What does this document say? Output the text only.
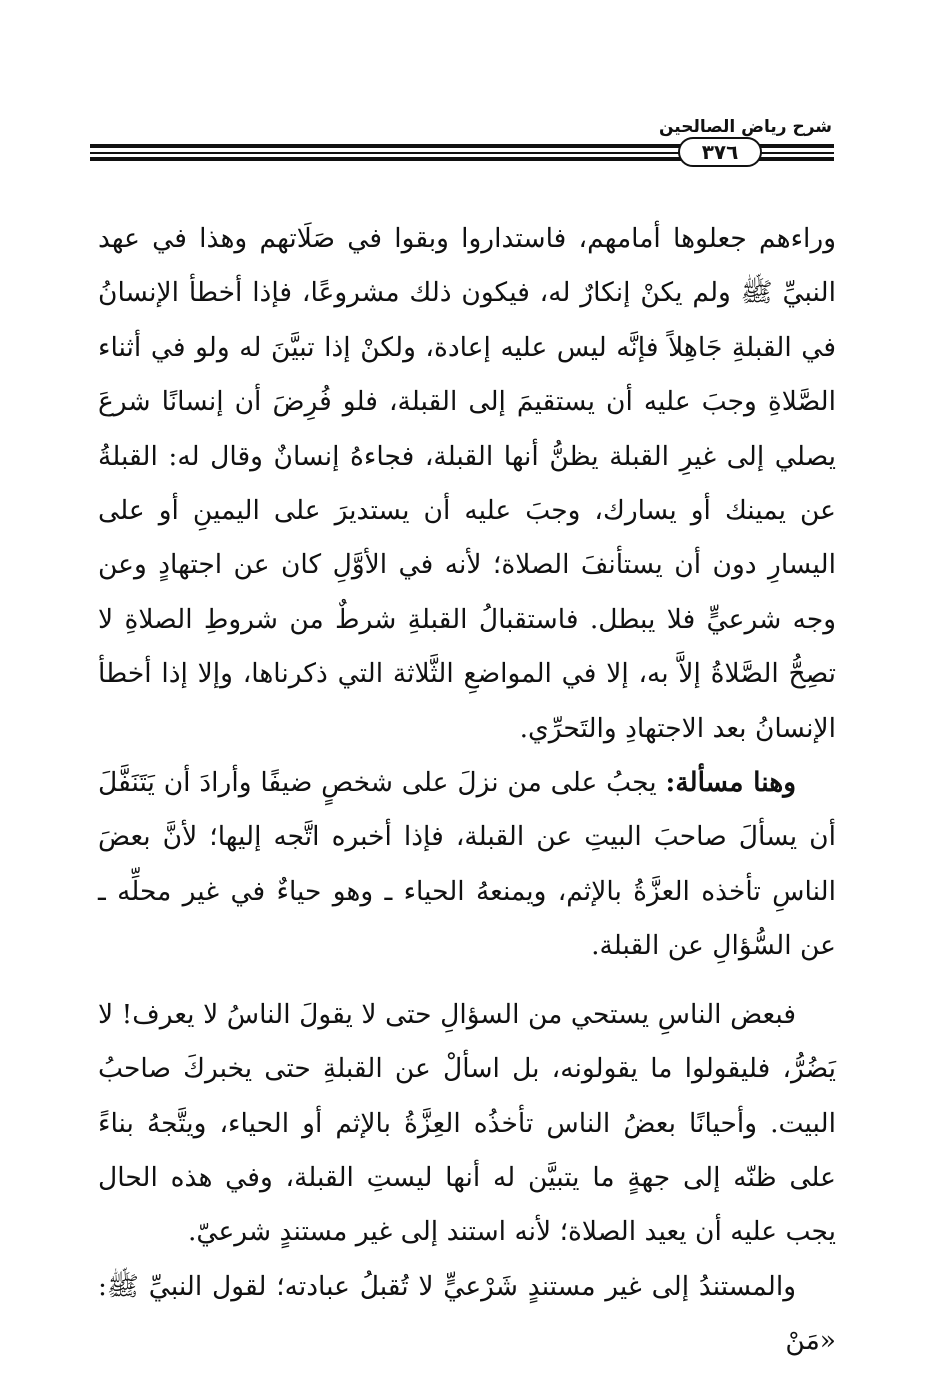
شرح رياض الصالحين
٣٧٦

وراءهم جعلوها أمامهم، فاستداروا وبقوا في صَلَاتهم وهذا في عهد النبيِّ ﷺ ولم يكنْ إنكارٌ له، فيكون ذلك مشروعًا، فإذا أخطأ الإنسانُ في القبلةِ جَاهِلاً فإنَّه ليس عليه إعادة، ولكنْ إذا تبيَّنَ له ولو في أثناء الصَّلاةِ وجبَ عليه أن يستقيمَ إلى القبلة، فلو فُرِضَ أن إنسانًا شرعَ يصلي إلى غيرِ القبلة يظنُّ أنها القبلة، فجاءهُ إنسانٌ وقال له: القبلةُ عن يمينك أو يسارك، وجبَ عليه أن يستديرَ على اليمينِ أو على اليسارِ دون أن يستأنفَ الصلاة؛ لأنه في الأوَّلِ كان عن اجتهادٍ وعن وجه شرعيٍّ فلا يبطل. فاستقبالُ القبلةِ شرطٌ من شروطِ الصلاةِ لا تصِحُّ الصَّلاةُ إلاَّ به، إلا في المواضعِ الثَّلاثة التي ذكرناها، وإلا إذا أخطأ الإنسانُ بعد الاجتهادِ والتَحرِّي.

وهنا مسألة: يجبُ على من نزلَ على شخصٍ ضيفًا وأرادَ أن يَتَنَفَّلَ أن يسألَ صاحبَ البيتِ عن القبلة، فإذا أخبره اتَّجه إليها؛ لأنَّ بعضَ الناسِ تأخذه العزَّةُ بالإثم، ويمنعهُ الحياء ـ وهو حياءٌ في غير محلِّه ـ عن السُّؤالِ عن القبلة.

فبعض الناسِ يستحي من السؤالِ حتى لا يقولَ الناسُ لا يعرف! لا يَضُرُّ، فليقولوا ما يقولونه، بل اسألْ عن القبلةِ حتى يخبركَ صاحبُ البيت. وأحيانًا بعضُ الناس تأخذُه العِزَّةُ بالإثم أو الحياء، ويتَّجهُ بناءً على ظنّه إلى جهةٍ ما يتبيَّن له أنها ليستِ القبلة، وفي هذه الحال يجب عليه أن يعيد الصلاة؛ لأنه استند إلى غير مستندٍ شرعيّ.

والمستندُ إلى غير مستندٍ شَرْعيٍّ لا تُقبلُ عبادته؛ لقول النبيِّ ﷺ: «مَنْ
